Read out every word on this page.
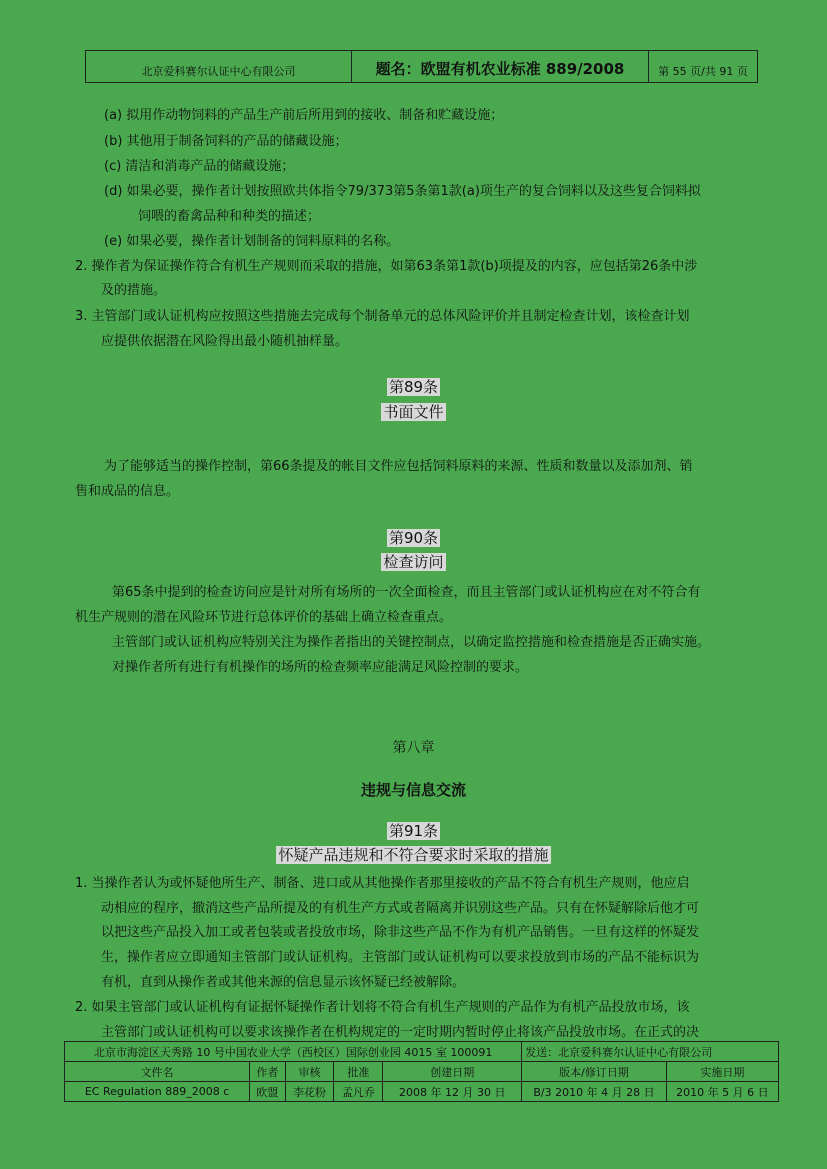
北京爱科赛尔认证中心有限公司	题名：欧盟有机农业标准 889/2008	第 55 页/共 91 页
(a) 拟用作动物饲料的产品生产前后所用到的接收、制备和贮藏设施；
(b) 其他用于制备饲料的产品的储藏设施；
(c) 清洁和消毒产品的储藏设施；
(d) 如果必要，操作者计划按照欧共体指令79/373第5条第1款(a)项生产的复合饲料以及这些复合饲料拟
饲喂的畜禽品种和种类的描述；
(e) 如果必要，操作者计划制备的饲料原料的名称。
2. 操作者为保证操作符合有机生产规则而采取的措施，如第63条第1款(b)项提及的内容，应包括第26条中涉
及的措施。
3. 主管部门或认证机构应按照这些措施去完成每个制备单元的总体风险评价并且制定检查计划，该检查计划
应提供依据潜在风险得出最小随机抽样量。
第89条
书面文件
为了能够适当的操作控制，第66条提及的帐目文件应包括饲料原料的来源、性质和数量以及添加剂、销
售和成品的信息。
第90条
检查访问
第65条中提到的检查访问应是针对所有场所的一次全面检查，而且主管部门或认证机构应在对不符合有
机生产规则的潜在风险环节进行总体评价的基础上确立检查重点。
主管部门或认证机构应特别关注为操作者指出的关键控制点，以确定监控措施和检查措施是否正确实施。
对操作者所有进行有机操作的场所的检查频率应能满足风险控制的要求。
第八章
违规与信息交流
第91条
怀疑产品违规和不符合要求时采取的措施
1. 当操作者认为或怀疑他所生产、制备、进口或从其他操作者那里接收的产品不符合有机生产规则，他应启
动相应的程序，撤消这些产品所提及的有机生产方式或者隔离并识别这些产品。只有在怀疑解除后他才可
以把这些产品投入加工或者包装或者投放市场，除非这些产品不作为有机产品销售。一旦有这样的怀疑发
生，操作者应立即通知主管部门或认证机构。主管部门或认证机构可以要求投放到市场的产品不能标识为
有机，直到从操作者或其他来源的信息显示该怀疑已经被解除。
2. 如果主管部门或认证机构有证据怀疑操作者计划将不符合有机生产规则的产品作为有机产品投放市场，该
主管部门或认证机构可以要求该操作者在机构规定的一定时期内暂时停止将该产品投放市场。在正式的决
北京市海淀区天秀路 10 号中国农业大学（西校区）国际创业园 4015 室 100091					发送：北京爱科赛尔认证中心有限公司	
文件名	作者	审核	批准	创建日期	版本/修订日期	实施日期
EC Regulation 889_2008 c	欧盟	李花粉	孟凡乔	2008 年 12 月 30 日	B/3 2010 年 4 月 28 日	2010 年 5 月 6 日
